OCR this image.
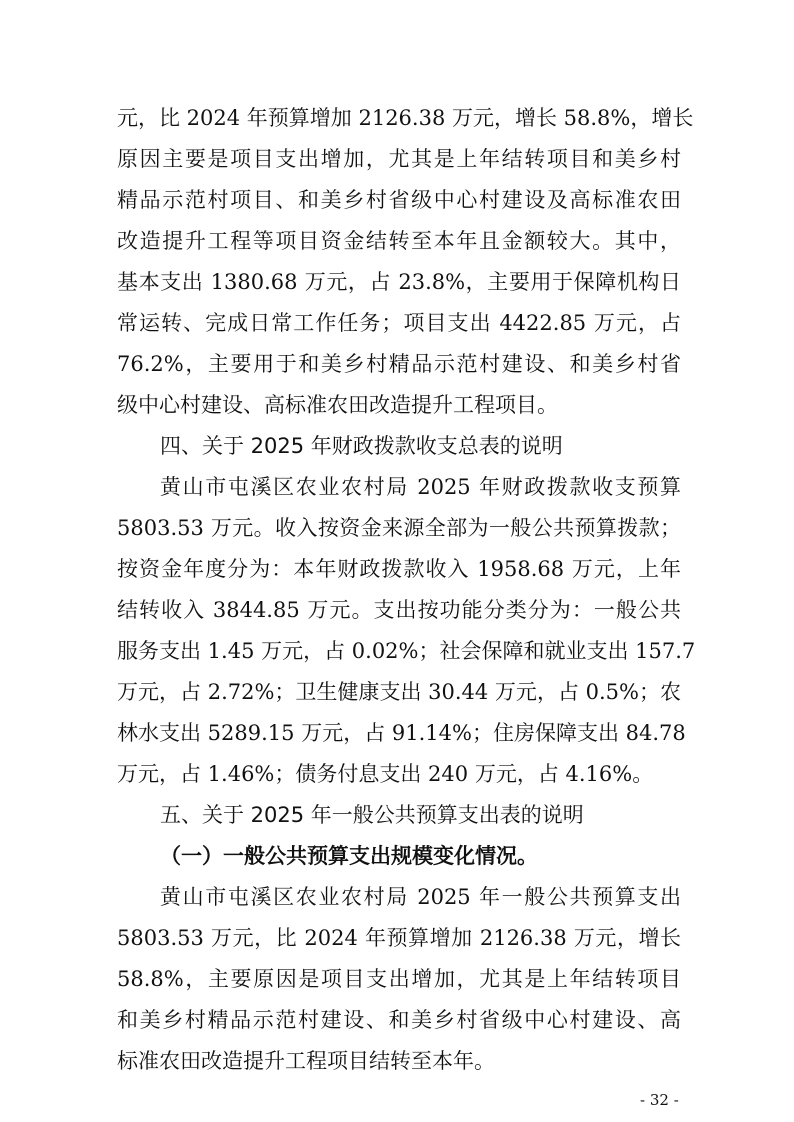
元，比 2024 年预算增加 2126.38 万元，增长 58.8%，增长
原因主要是项目支出增加，尤其是上年结转项目和美乡村
精品示范村项目、和美乡村省级中心村建设及高标准农田
改造提升工程等项目资金结转至本年且金额较大。其中，
基本支出 1380.68 万元，占 23.8%，主要用于保障机构日
常运转、完成日常工作任务；项目支出 4422.85 万元，占
76.2%，主要用于和美乡村精品示范村建设、和美乡村省
级中心村建设、高标准农田改造提升工程项目。
四、关于 2025 年财政拨款收支总表的说明
黄山市屯溪区农业农村局 2025 年财政拨款收支预算
5803.53 万元。收入按资金来源全部为一般公共预算拨款；
按资金年度分为：本年财政拨款收入 1958.68 万元，上年
结转收入 3844.85 万元。支出按功能分类分为：一般公共
服务支出 1.45 万元，占 0.02%；社会保障和就业支出 157.7
万元，占 2.72%；卫生健康支出 30.44 万元，占 0.5%；农
林水支出 5289.15 万元，占 91.14%；住房保障支出 84.78
万元，占 1.46%；债务付息支出 240 万元，占 4.16%。
五、关于 2025 年一般公共预算支出表的说明
（一）一般公共预算支出规模变化情况。
黄山市屯溪区农业农村局 2025 年一般公共预算支出
5803.53 万元，比 2024 年预算增加 2126.38 万元，增长
58.8%，主要原因是项目支出增加，尤其是上年结转项目
和美乡村精品示范村建设、和美乡村省级中心村建设、高
标准农田改造提升工程项目结转至本年。
- 32 -
